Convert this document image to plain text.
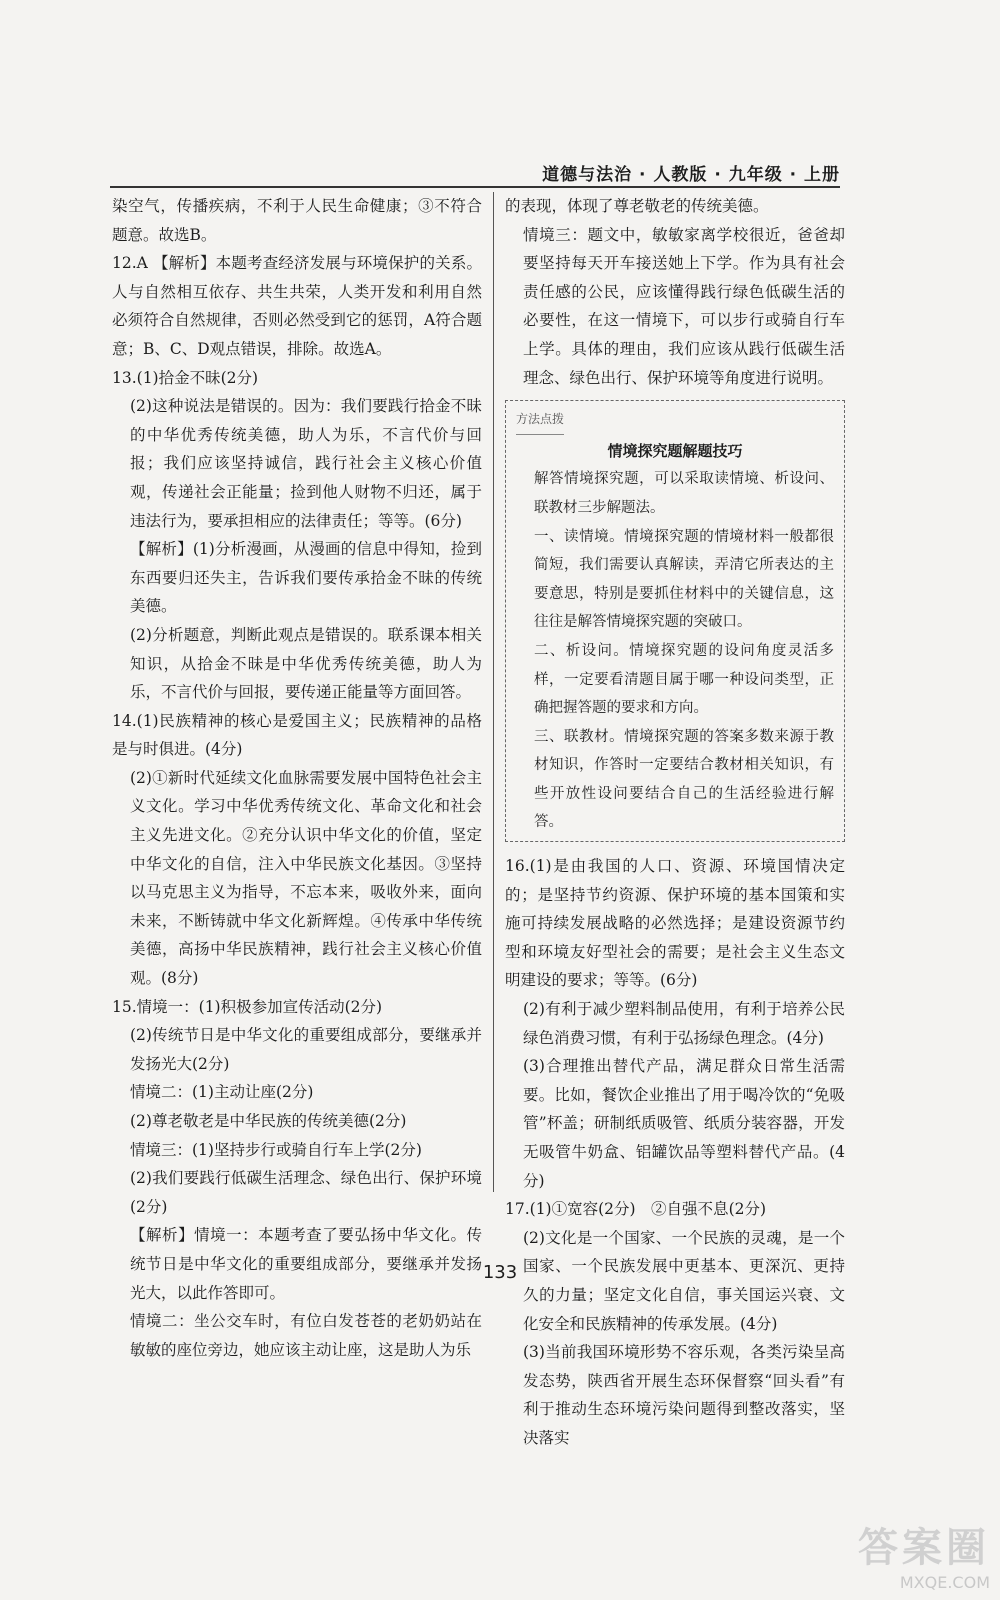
道德与法治 · 人教版 · 九年级 · 上册

染空气，传播疾病，不利于人民生命健康；③不符合题意。故选B。

12.A 【解析】本题考查经济发展与环境保护的关系。人与自然相互依存、共生共荣，人类开发和利用自然必须符合自然规律，否则必然受到它的惩罚，A符合题意；B、C、D观点错误，排除。故选A。

13.(1)拾金不昧(2分)

(2)这种说法是错误的。因为：我们要践行拾金不昧的中华优秀传统美德，助人为乐，不言代价与回报；我们应该坚持诚信，践行社会主义核心价值观，传递社会正能量；捡到他人财物不归还，属于违法行为，要承担相应的法律责任；等等。(6分)

【解析】(1)分析漫画，从漫画的信息中得知，捡到东西要归还失主，告诉我们要传承拾金不昧的传统美德。

(2)分析题意，判断此观点是错误的。联系课本相关知识，从拾金不昧是中华优秀传统美德，助人为乐，不言代价与回报，要传递正能量等方面回答。

14.(1)民族精神的核心是爱国主义；民族精神的品格是与时俱进。(4分)

(2)①新时代延续文化血脉需要发展中国特色社会主义文化。学习中华优秀传统文化、革命文化和社会主义先进文化。②充分认识中华文化的价值，坚定中华文化的自信，注入中华民族文化基因。③坚持以马克思主义为指导，不忘本来，吸收外来，面向未来，不断铸就中华文化新辉煌。④传承中华传统美德，高扬中华民族精神，践行社会主义核心价值观。(8分)

15.情境一：(1)积极参加宣传活动(2分)

(2)传统节日是中华文化的重要组成部分，要继承并发扬光大(2分)

情境二：(1)主动让座(2分)

(2)尊老敬老是中华民族的传统美德(2分)

情境三：(1)坚持步行或骑自行车上学(2分)

(2)我们要践行低碳生活理念、绿色出行、保护环境(2分)

【解析】情境一：本题考查了要弘扬中华文化。传统节日是中华文化的重要组成部分，要继承并发扬光大，以此作答即可。

情境二：坐公交车时，有位白发苍苍的老奶奶站在敏敏的座位旁边，她应该主动让座，这是助人为乐

的表现，体现了尊老敬老的传统美德。

情境三：题文中，敏敏家离学校很近，爸爸却要坚持每天开车接送她上下学。作为具有社会责任感的公民，应该懂得践行绿色低碳生活的必要性，在这一情境下，可以步行或骑自行车上学。具体的理由，我们应该从践行低碳生活理念、绿色出行、保护环境等角度进行说明。

方法点拨
情境探究题解题技巧

解答情境探究题，可以采取读情境、析设问、联教材三步解题法。

一、读情境。情境探究题的情境材料一般都很简短，我们需要认真解读，弄清它所表达的主要意思，特别是要抓住材料中的关键信息，这往往是解答情境探究题的突破口。

二、析设问。情境探究题的设问角度灵活多样，一定要看清题目属于哪一种设问类型，正确把握答题的要求和方向。

三、联教材。情境探究题的答案多数来源于教材知识，作答时一定要结合教材相关知识，有些开放性设问要结合自己的生活经验进行解答。

16.(1)是由我国的人口、资源、环境国情决定的；是坚持节约资源、保护环境的基本国策和实施可持续发展战略的必然选择；是建设资源节约型和环境友好型社会的需要；是社会主义生态文明建设的要求；等等。(6分)

(2)有利于减少塑料制品使用，有利于培养公民绿色消费习惯，有利于弘扬绿色理念。(4分)

(3)合理推出替代产品，满足群众日常生活需要。比如，餐饮企业推出了用于喝冷饮的“免吸管”杯盖；研制纸质吸管、纸质分装容器，开发无吸管牛奶盒、铝罐饮品等塑料替代产品。(4分)

17.(1)①宽容(2分)　②自强不息(2分)

(2)文化是一个国家、一个民族的灵魂，是一个国家、一个民族发展中更基本、更深沉、更持久的力量；坚定文化自信，事关国运兴衰、文化安全和民族精神的传承发展。(4分)

(3)当前我国环境形势不容乐观，各类污染呈高发态势，陕西省开展生态环保督察“回头看”有利于推动生态环境污染问题得到整改落实，坚决落实

133
答案圈
MXQE.COM
